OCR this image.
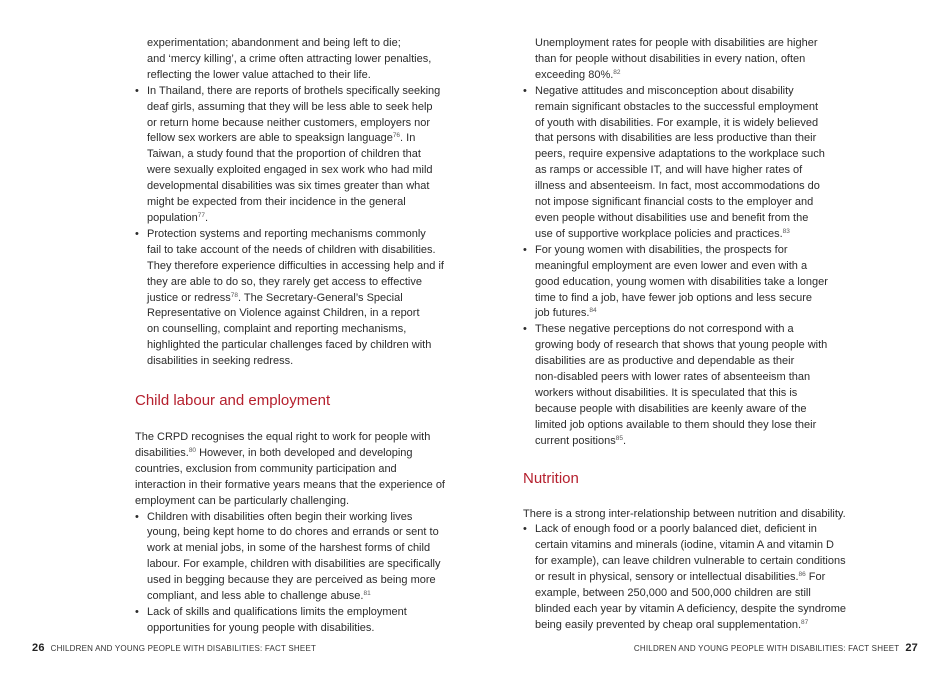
experimentation; abandonment and being left to die;
and ‘mercy killing’, a crime often attracting lower penalties,
reflecting the lower value attached to their life.
• In Thailand, there are reports of brothels specifically seeking
deaf girls, assuming that they will be less able to seek help
or return home because neither customers, employers nor
fellow sex workers are able to speaksign language$^{76}$. In
Taiwan, a study found that the proportion of children that
were sexually exploited engaged in sex work who had mild
developmental disabilities was six times greater than what
might be expected from their incidence in the general
population$^{77}$.
• Protection systems and reporting mechanisms commonly
fail to take account of the needs of children with disabilities.
They therefore experience difficulties in accessing help and if
they are able to do so, they rarely get access to effective
justice or redress$^{78}$. The Secretary-General’s Special
Representative on Violence against Children, in a report
on counselling, complaint and reporting mechanisms,
highlighted the particular challenges faced by children with
disabilities in seeking redress.
Child labour and employment
The CRPD recognises the equal right to work for people with
disabilities.$^{80}$ However, in both developed and developing
countries, exclusion from community participation and
interaction in their formative years means that the experience of
employment can be particularly challenging.
• Children with disabilities often begin their working lives
young, being kept home to do chores and errands or sent to
work at menial jobs, in some of the harshest forms of child
labour. For example, children with disabilities are specifically
used in begging because they are perceived as being more
compliant, and less able to challenge abuse.$^{81}$
• Lack of skills and qualifications limits the employment
opportunities for young people with disabilities.
Unemployment rates for people with disabilities are higher
than for people without disabilities in every nation, often
exceeding 80%.$^{82}$
• Negative attitudes and misconception about disability
remain significant obstacles to the successful employment
of youth with disabilities. For example, it is widely believed
that persons with disabilities are less productive than their
peers, require expensive adaptations to the workplace such
as ramps or accessible IT, and will have higher rates of
illness and absenteeism. In fact, most accommodations do
not impose significant financial costs to the employer and
even people without disabilities use and benefit from the
use of supportive workplace policies and practices.$^{83}$
• For young women with disabilities, the prospects for
meaningful employment are even lower and even with a
good education, young women with disabilities take a longer
time to find a job, have fewer job options and less secure
job futures.$^{84}$
• These negative perceptions do not correspond with a
growing body of research that shows that young people with
disabilities are as productive and dependable as their
non-disabled peers with lower rates of absenteeism than
workers without disabilities. It is speculated that this is
because people with disabilities are keenly aware of the
limited job options available to them should they lose their
current positions$^{85}$.
Nutrition
There is a strong inter-relationship between nutrition and disability.
• Lack of enough food or a poorly balanced diet, deficient in
certain vitamins and minerals (iodine, vitamin A and vitamin D
for example), can leave children vulnerable to certain conditions
or result in physical, sensory or intellectual disabilities.$^{86}$ For
example, between 250,000 and 500,000 children are still
blinded each year by vitamin A deficiency, despite the syndrome
being easily prevented by cheap oral supplementation.$^{87}$
26 CHILDREN AND YOUNG PEOPLE WITH DISABILITIES: FACT SHEET	CHILDREN AND YOUNG PEOPLE WITH DISABILITIES: FACT SHEET 27
